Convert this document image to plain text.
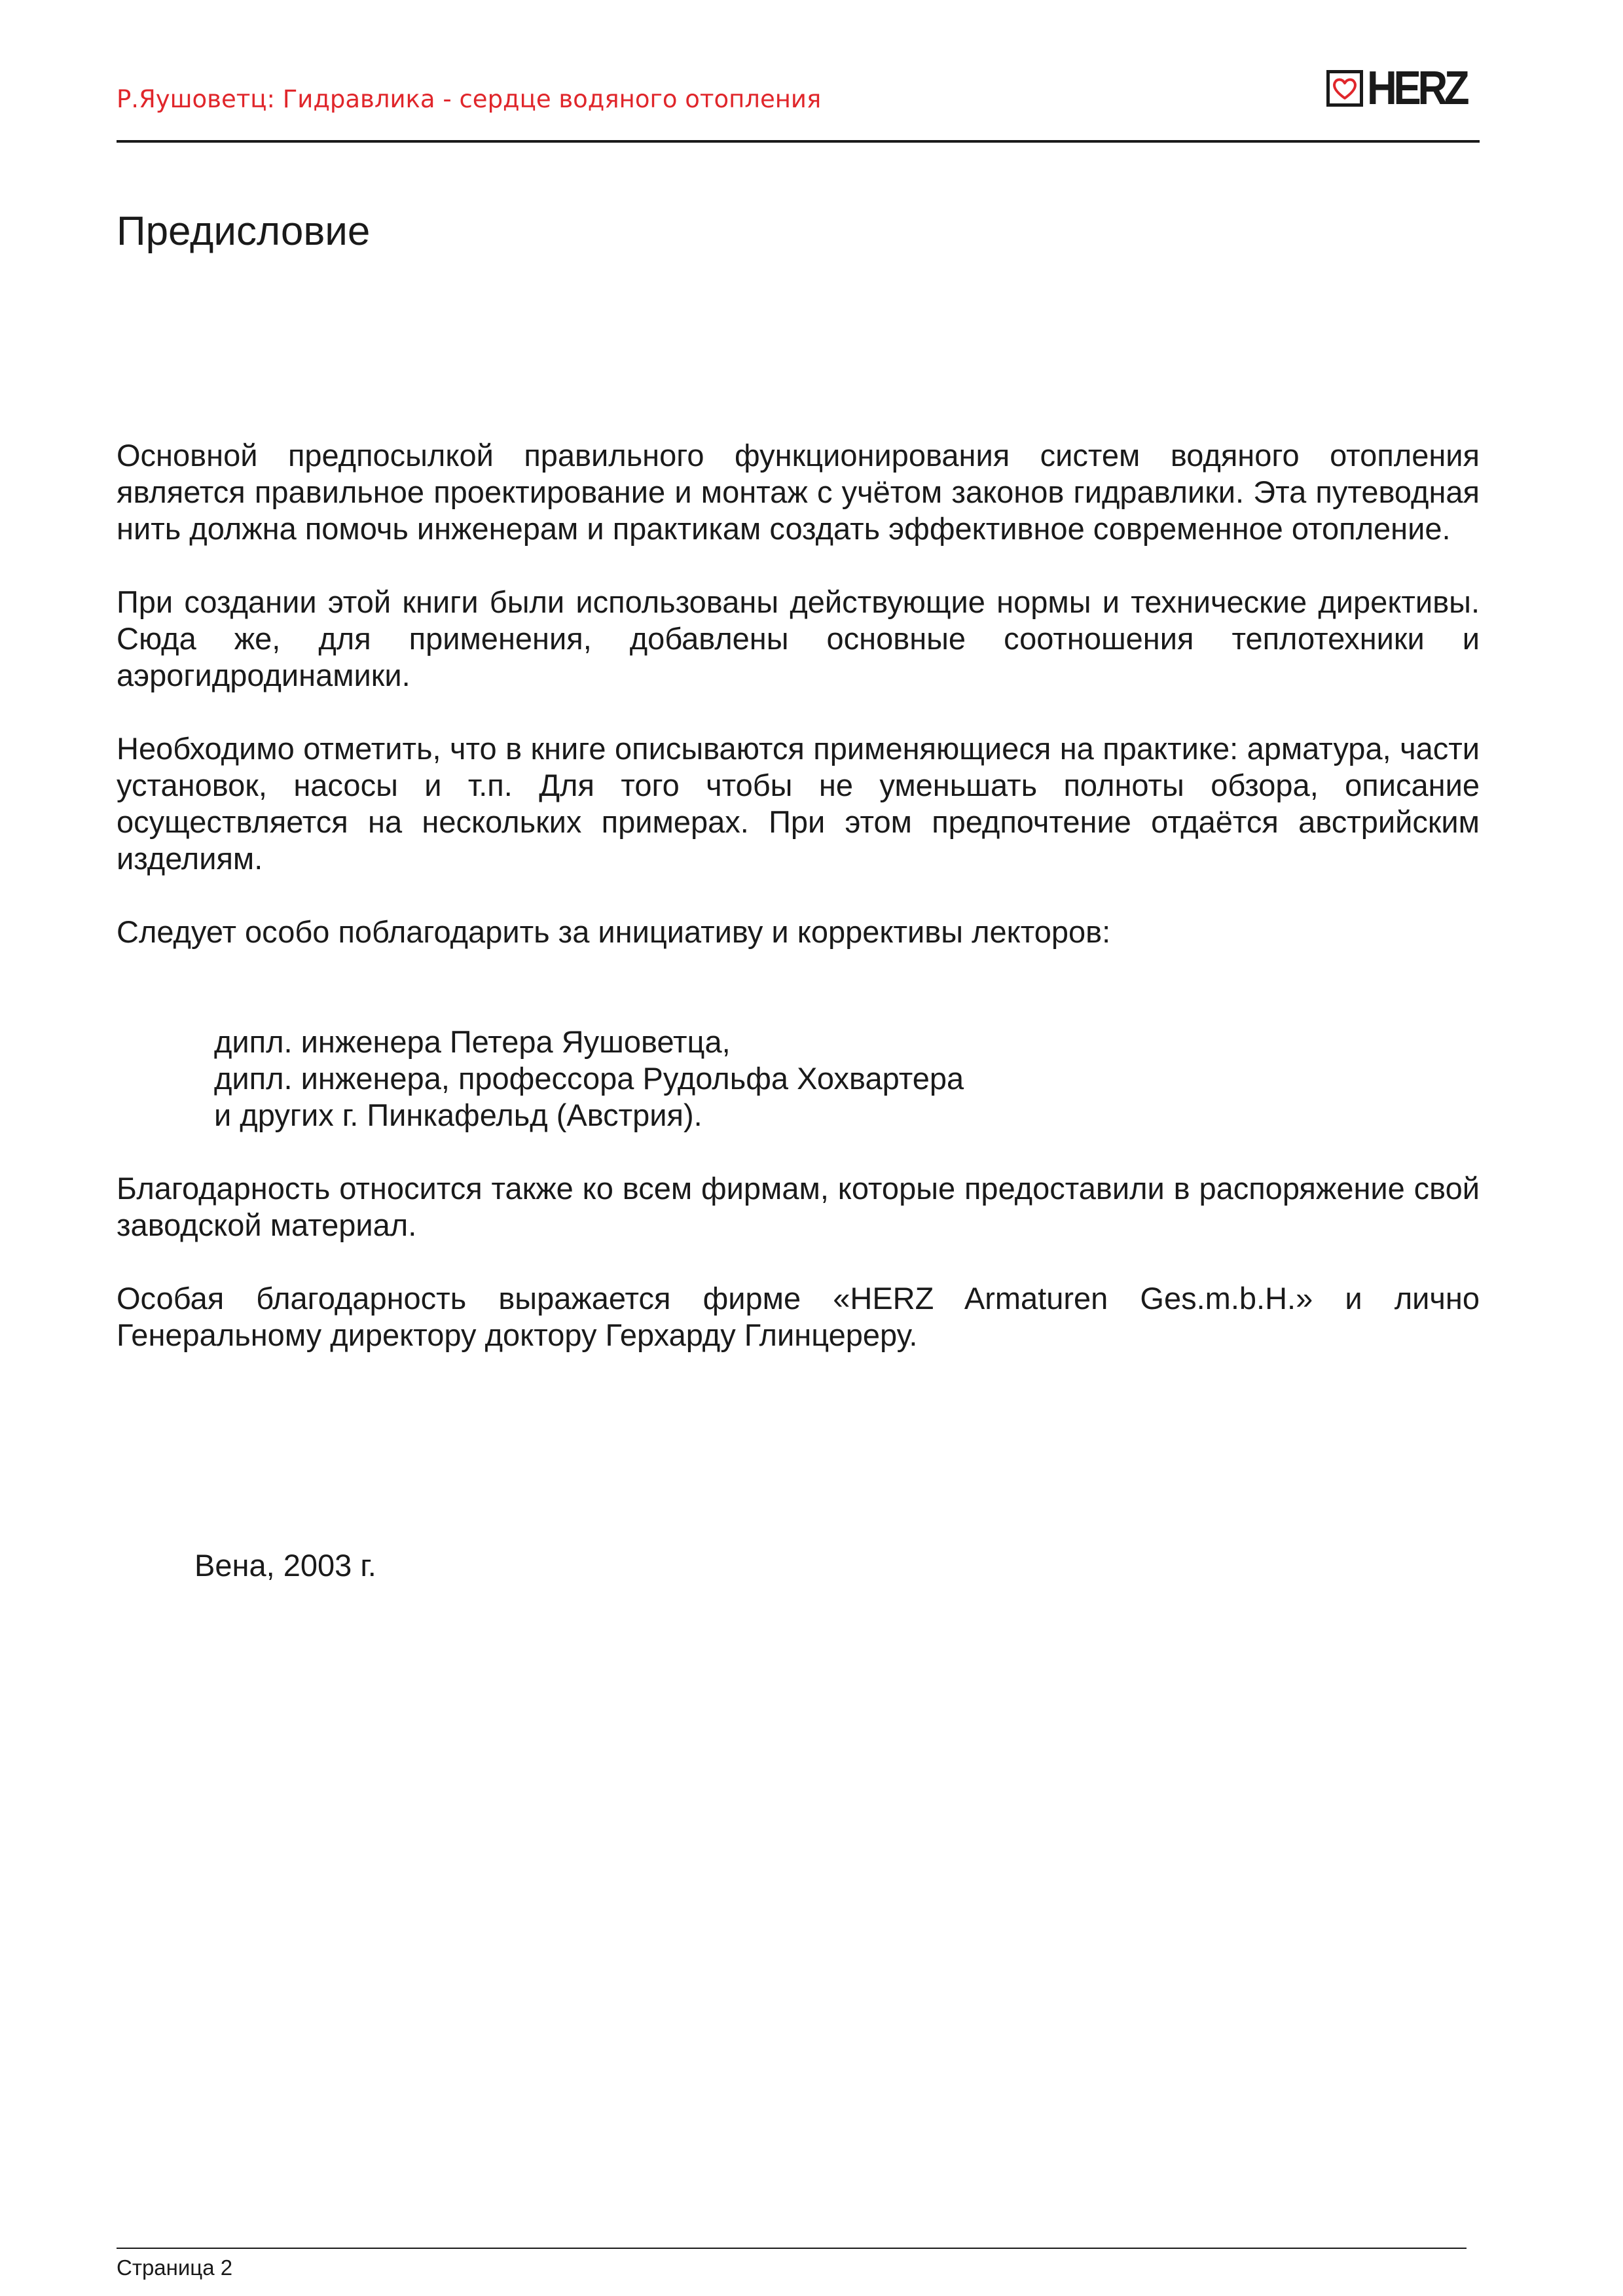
Р.Яушоветц: Гидравлика - сердце водяного отопления	HERZ
Предисловие

Основной предпосылкой правильного функционирования систем водяного отопления является правильное проектирование и монтаж с учётом законов гидравлики. Эта путеводная нить должна помочь инженерам и практикам создать эффективное современное отопление.

При создании этой книги были использованы действующие нормы и технические директивы. Сюда же, для применения, добавлены основные соотношения теплотехники и аэрогидродинамики.

Необходимо отметить, что в книге описываются применяющиеся на практике: арматура, части установок, насосы и т.п. Для того чтобы не уменьшать полноты обзора, описание осуществляется на нескольких примерах. При этом предпочтение отдаётся австрийским изделиям.

Следует особо поблагодарить за инициативу и коррективы лекторов:

дипл. инженера Петера Яушоветца,
дипл. инженера, профессора Рудольфа Хохвартера
и других г. Пинкафельд (Австрия).

Благодарность относится также ко всем фирмам, которые предоставили в распоряжение свой заводской материал.

Особая благодарность выражается фирме «HERZ Armaturen Ges.m.b.H.» и лично Генеральному директору доктору Герхарду Глинцереру.

Вена, 2003 г.
Страница 2
